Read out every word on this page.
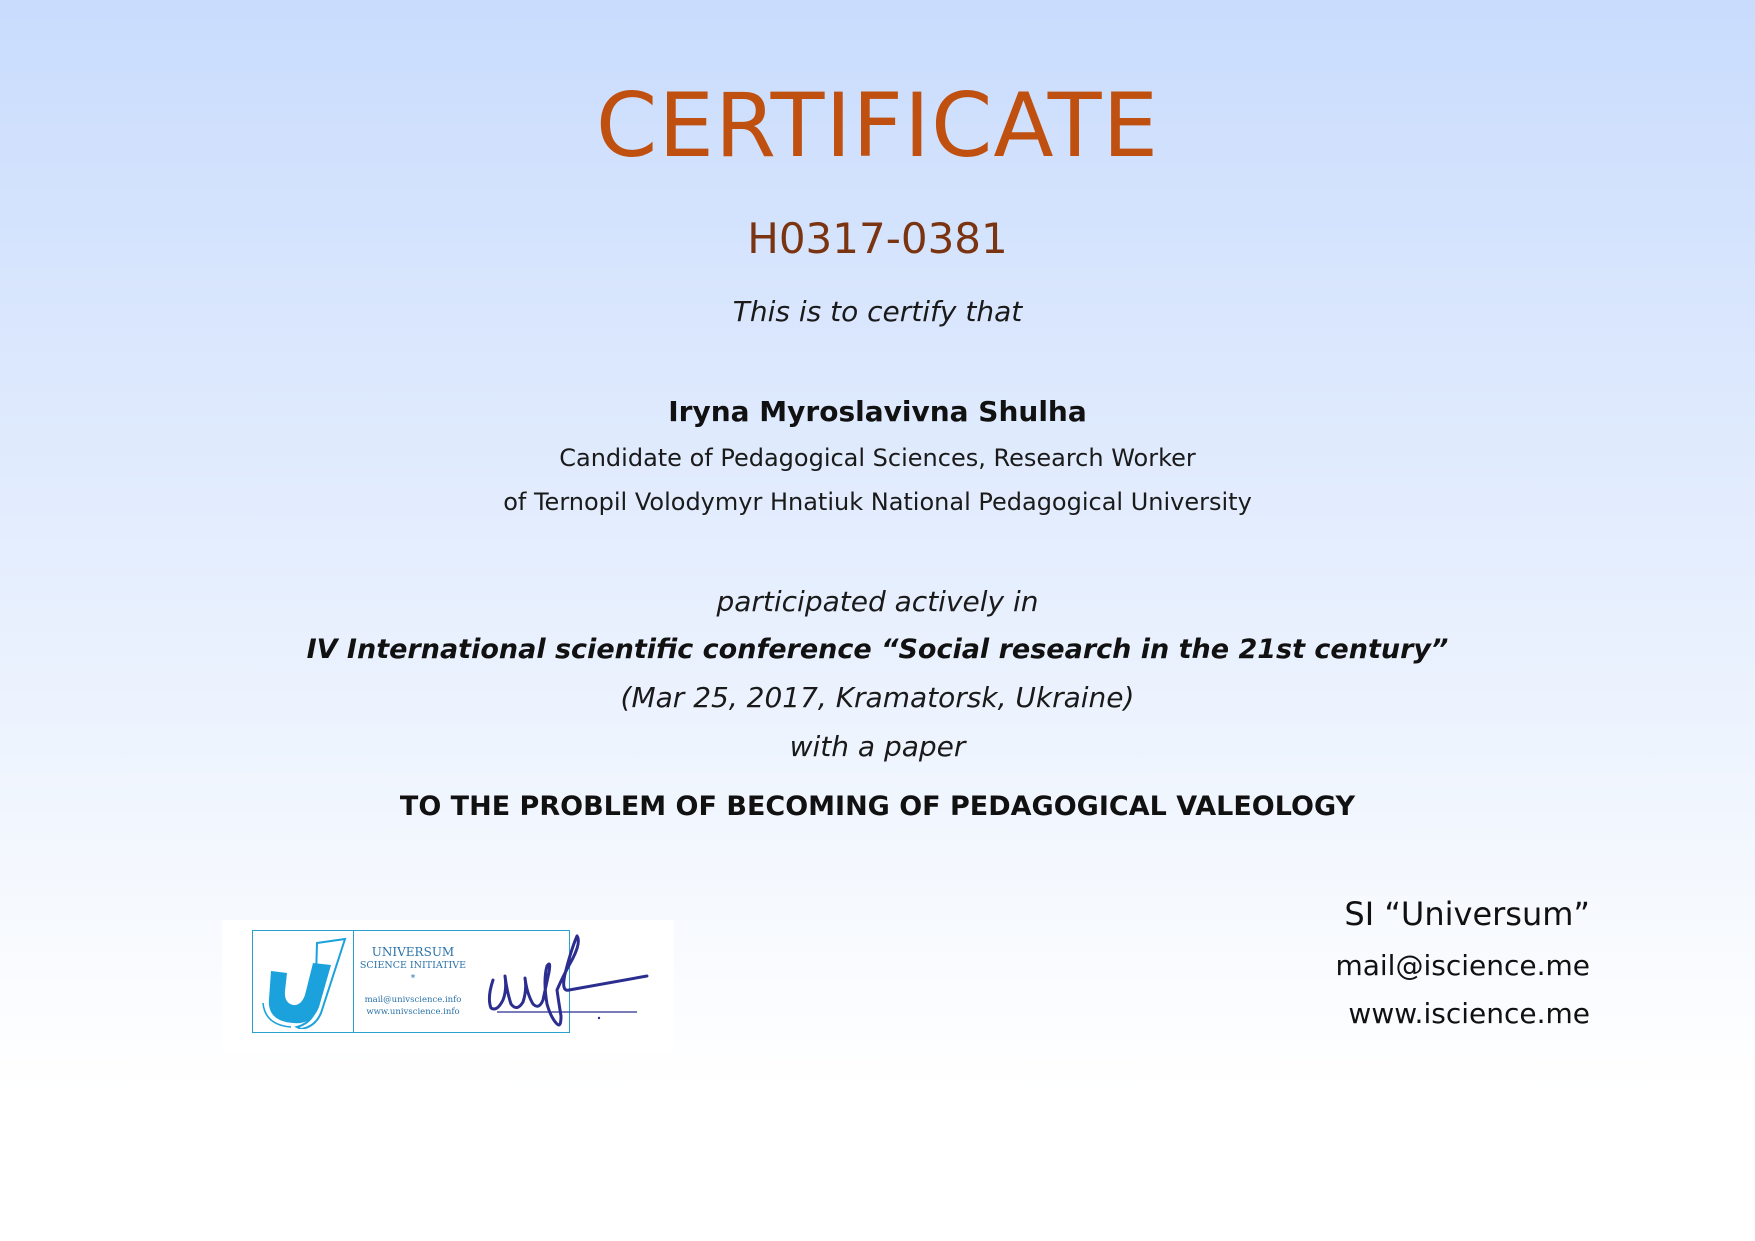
CERTIFICATE
H0317-0381
This is to certify that
Iryna Myroslavivna Shulha
Candidate of Pedagogical Sciences, Research Worker
of Ternopil Volodymyr Hnatiuk National Pedagogical University
participated actively in
IV International scientific conference “Social research in the 21st century”
(Mar 25, 2017, Kramatorsk, Ukraine)
with a paper
TO THE PROBLEM OF BECOMING OF PEDAGOGICAL VALEOLOGY
UNIVERSUM
SCIENCE INITIATIVE
*
mail@univscience.info
www.univscience.info
SI “Universum”
mail@iscience.me
www.iscience.me
